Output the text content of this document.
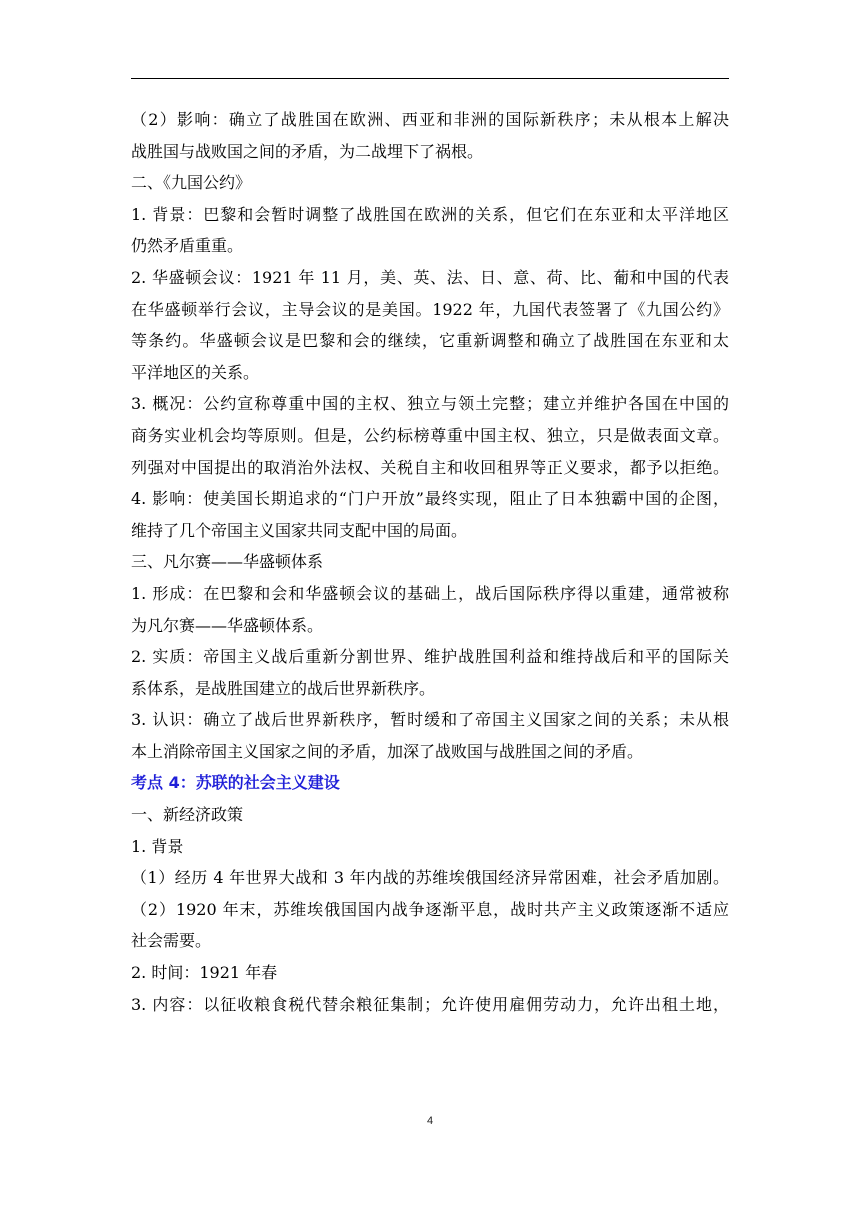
（2）影响：确立了战胜国在欧洲、西亚和非洲的国际新秩序；未从根本上解决
战胜国与战败国之间的矛盾，为二战埋下了祸根。
二、《九国公约》
1. 背景：巴黎和会暂时调整了战胜国在欧洲的关系，但它们在东亚和太平洋地区
仍然矛盾重重。
2. 华盛顿会议：1921 年 11 月，美、英、法、日、意、荷、比、葡和中国的代表
在华盛顿举行会议，主导会议的是美国。1922 年，九国代表签署了《九国公约》
等条约。华盛顿会议是巴黎和会的继续，它重新调整和确立了战胜国在东亚和太
平洋地区的关系。
3. 概况：公约宣称尊重中国的主权、独立与领土完整；建立并维护各国在中国的
商务实业机会均等原则。但是，公约标榜尊重中国主权、独立，只是做表面文章。
列强对中国提出的取消治外法权、关税自主和收回租界等正义要求，都予以拒绝。
4. 影响：使美国长期追求的“门户开放”最终实现，阻止了日本独霸中国的企图，
维持了几个帝国主义国家共同支配中国的局面。
三、凡尔赛——华盛顿体系
1. 形成：在巴黎和会和华盛顿会议的基础上，战后国际秩序得以重建，通常被称
为凡尔赛——华盛顿体系。
2. 实质：帝国主义战后重新分割世界、维护战胜国利益和维持战后和平的国际关
系体系，是战胜国建立的战后世界新秩序。
3. 认识：确立了战后世界新秩序，暂时缓和了帝国主义国家之间的关系；未从根
本上消除帝国主义国家之间的矛盾，加深了战败国与战胜国之间的矛盾。
考点 4：苏联的社会主义建设
一、新经济政策
1. 背景
（1）经历 4 年世界大战和 3 年内战的苏维埃俄国经济异常困难，社会矛盾加剧。
（2）1920 年末，苏维埃俄国国内战争逐渐平息，战时共产主义政策逐渐不适应
社会需要。
2. 时间：1921 年春
3. 内容：以征收粮食税代替余粮征集制；允许使用雇佣劳动力，允许出租土地，
4
